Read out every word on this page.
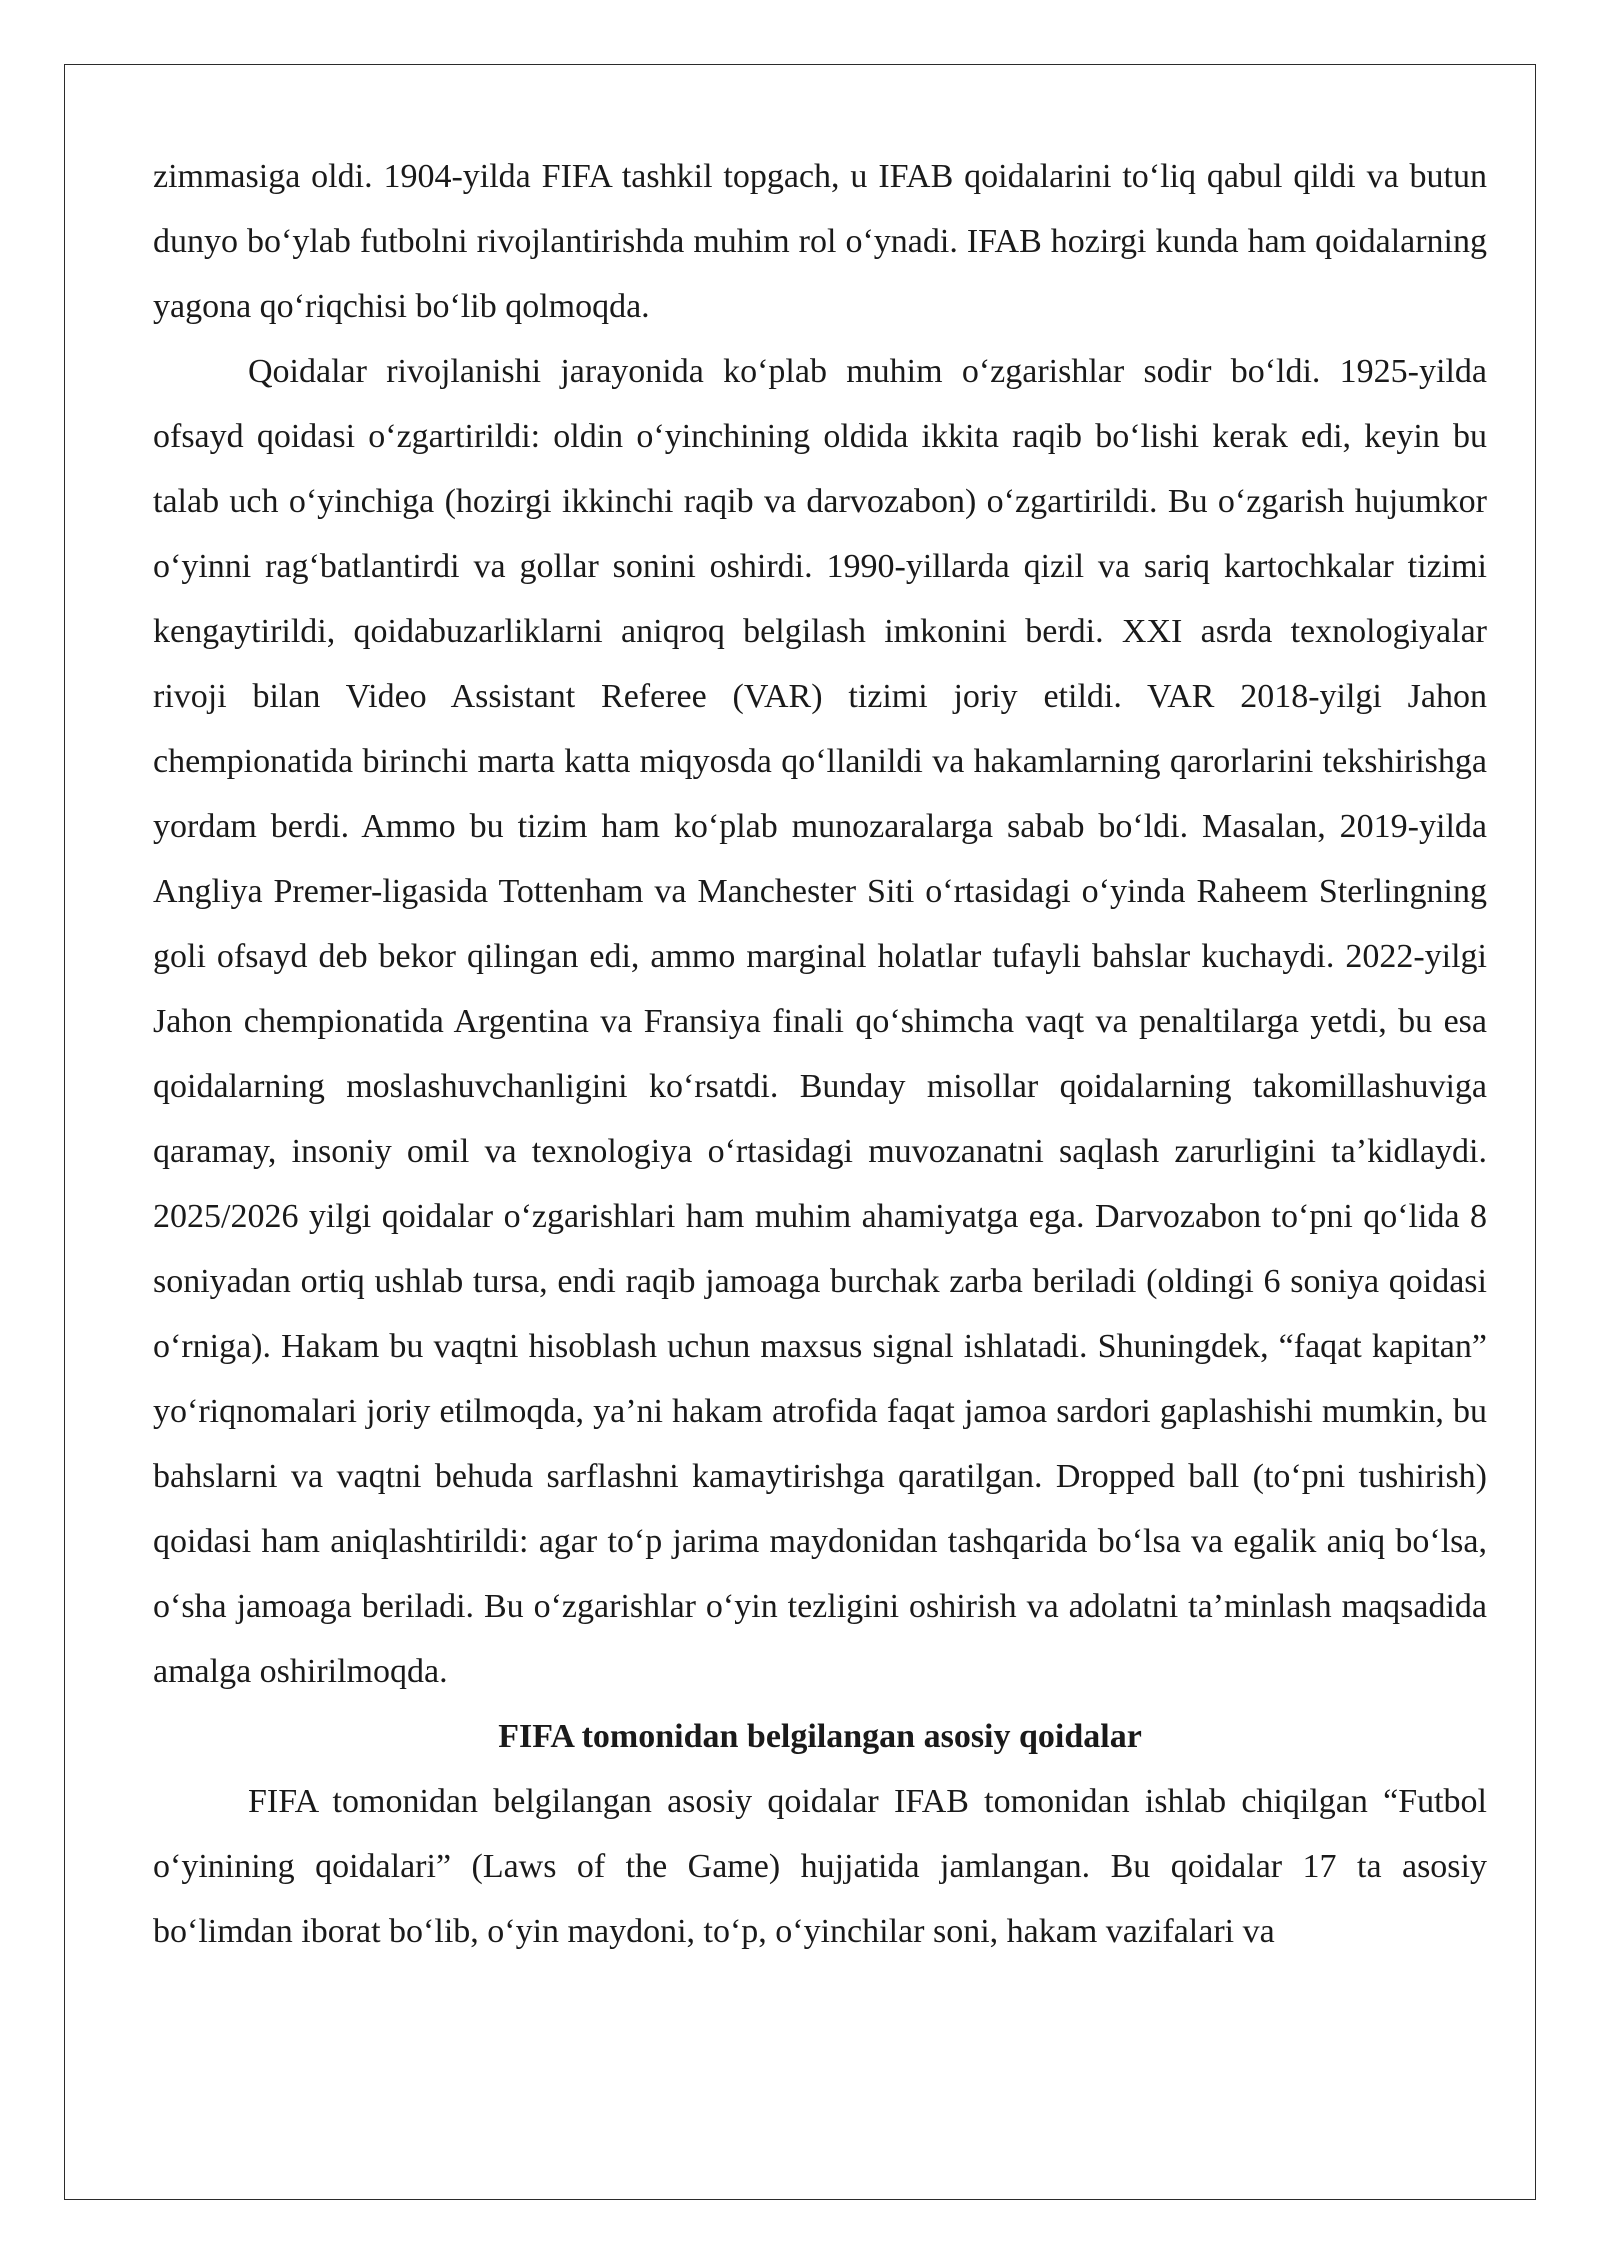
zimmasiga oldi. 1904-yilda FIFA tashkil topgach, u IFAB qoidalarini to‘liq qabul qildi va butun dunyo bo‘ylab futbolni rivojlantirishda muhim rol o‘ynadi. IFAB hozirgi kunda ham qoidalarning yagona qo‘riqchisi bo‘lib qolmoqda.

Qoidalar rivojlanishi jarayonida ko‘plab muhim o‘zgarishlar sodir bo‘ldi. 1925-yilda ofsayd qoidasi o‘zgartirildi: oldin o‘yinchining oldida ikkita raqib bo‘lishi kerak edi, keyin bu talab uch o‘yinchiga (hozirgi ikkinchi raqib va darvozabon) o‘zgartirildi. Bu o‘zgarish hujumkor o‘yinni rag‘batlantirdi va gollar sonini oshirdi. 1990-yillarda qizil va sariq kartochkalar tizimi kengaytirildi, qoidabuzarliklarni aniqroq belgilash imkonini berdi. XXI asrda texnologiyalar rivoji bilan Video Assistant Referee (VAR) tizimi joriy etildi. VAR 2018-yilgi Jahon chempionatida birinchi marta katta miqyosda qo‘llanildi va hakamlarning qarorlarini tekshirishga yordam berdi. Ammo bu tizim ham ko‘plab munozaralarga sabab bo‘ldi. Masalan, 2019-yilda Angliya Premer-ligasida Tottenham va Manchester Siti o‘rtasidagi o‘yinda Raheem Sterlingning goli ofsayd deb bekor qilingan edi, ammo marginal holatlar tufayli bahslar kuchaydi. 2022-yilgi Jahon chempionatida Argentina va Fransiya finali qo‘shimcha vaqt va penaltilarga yetdi, bu esa qoidalarning moslashuvchanligini ko‘rsatdi. Bunday misollar qoidalarning takomillashuviga qaramay, insoniy omil va texnologiya o‘rtasidagi muvozanatni saqlash zarurligini ta’kidlaydi. 2025/2026 yilgi qoidalar o‘zgarishlari ham muhim ahamiyatga ega. Darvozabon to‘pni qo‘lida 8 soniyadan ortiq ushlab tursa, endi raqib jamoaga burchak zarba beriladi (oldingi 6 soniya qoidasi o‘rniga). Hakam bu vaqtni hisoblash uchun maxsus signal ishlatadi. Shuningdek, “faqat kapitan” yo‘riqnomalari joriy etilmoqda, ya’ni hakam atrofida faqat jamoa sardori gaplashishi mumkin, bu bahslarni va vaqtni behuda sarflashni kamaytirishga qaratilgan. Dropped ball (to‘pni tushirish) qoidasi ham aniqlashtirildi: agar to‘p jarima maydonidan tashqarida bo‘lsa va egalik aniq bo‘lsa, o‘sha jamoaga beriladi. Bu o‘zgarishlar o‘yin tezligini oshirish va adolatni ta’minlash maqsadida amalga oshirilmoqda.

FIFA tomonidan belgilangan asosiy qoidalar

FIFA tomonidan belgilangan asosiy qoidalar IFAB tomonidan ishlab chiqilgan “Futbol o‘yinining qoidalari” (Laws of the Game) hujjatida jamlangan. Bu qoidalar 17 ta asosiy bo‘limdan iborat bo‘lib, o‘yin maydoni, to‘p, o‘yinchilar soni, hakam vazifalari va
